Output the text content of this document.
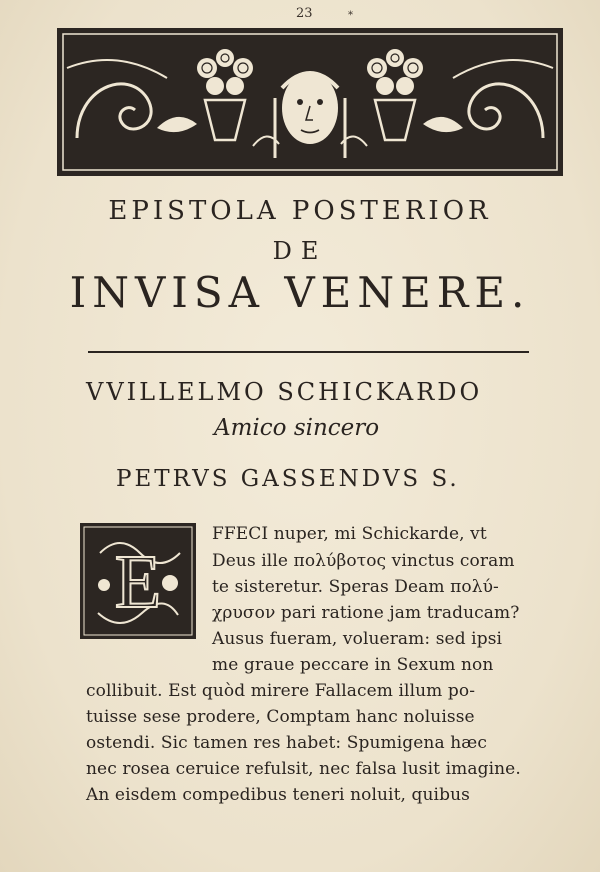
23	*
EPISTOLA POSTERIOR
DE
INVISA VENERE.
VVILLELMO SCHICKARDO
Amico sincero
PETRVS GASSENDVS S.
E
FFECI nuper, mi Schickarde, vt
Deus ille πολύβοτος vinctus coram
te sisteretur. Speras Deam πολύ-
χρυσον pari ratione jam traducam?
Ausus fueram, volueram: sed ipsi
me graue peccare in Sexum non
collibuit. Est quòd mirere Fallacem illum po-
tuisse sese prodere, Comptam hanc noluisse
ostendi. Sic tamen res habet: Spumigena hæc
nec rosea ceruice refulsit, nec falsa lusit imagine.
An eisdem compedibus teneri noluit, quibus
